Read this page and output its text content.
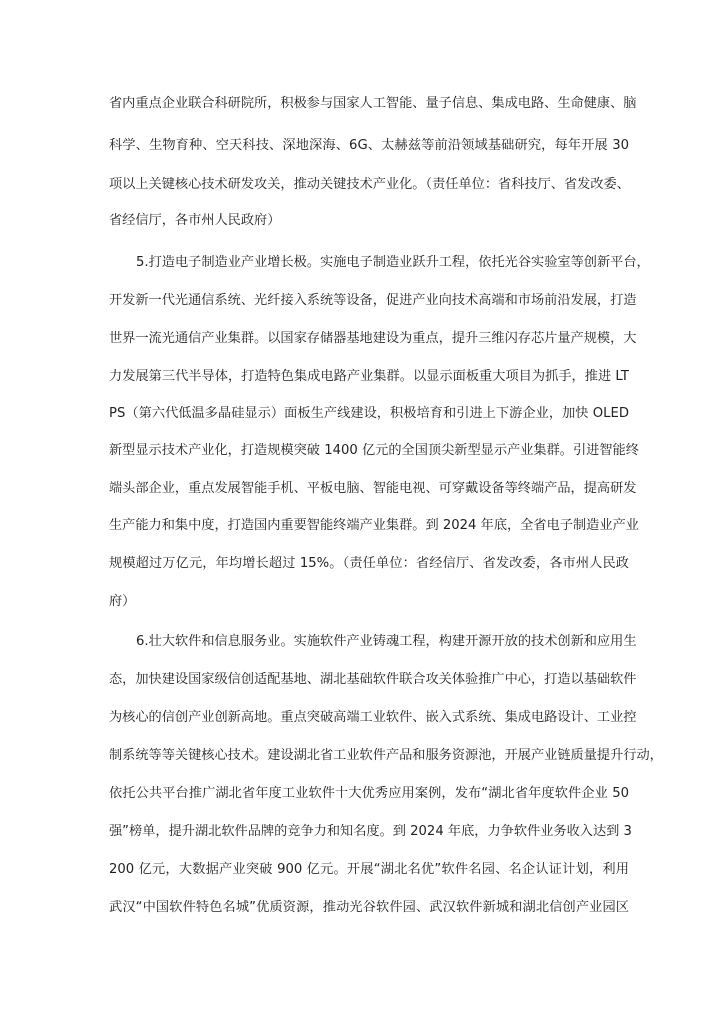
省内重点企业联合科研院所，积极参与国家人工智能、量子信息、集成电路、生命健康、脑
科学、生物育种、空天科技、深地深海、6G、太赫兹等前沿领域基础研究，每年开展 30
项以上关键核心技术研发攻关，推动关键技术产业化。（责任单位：省科技厅、省发改委、
省经信厅，各市州人民政府）
5.打造电子制造业产业增长极。实施电子制造业跃升工程，依托光谷实验室等创新平台，
开发新一代光通信系统、光纤接入系统等设备，促进产业向技术高端和市场前沿发展，打造
世界一流光通信产业集群。以国家存储器基地建设为重点，提升三维闪存芯片量产规模，大
力发展第三代半导体，打造特色集成电路产业集群。以显示面板重大项目为抓手，推进 LT
PS（第六代低温多晶硅显示）面板生产线建设，积极培育和引进上下游企业，加快 OLED
新型显示技术产业化，打造规模突破 1400 亿元的全国顶尖新型显示产业集群。引进智能终
端头部企业，重点发展智能手机、平板电脑、智能电视、可穿戴设备等终端产品，提高研发
生产能力和集中度，打造国内重要智能终端产业集群。到 2024 年底，全省电子制造业产业
规模超过万亿元，年均增长超过 15%。（责任单位：省经信厅、省发改委，各市州人民政
府）
6.壮大软件和信息服务业。实施软件产业铸魂工程，构建开源开放的技术创新和应用生
态，加快建设国家级信创适配基地、湖北基础软件联合攻关体验推广中心，打造以基础软件
为核心的信创产业创新高地。重点突破高端工业软件、嵌入式系统、集成电路设计、工业控
制系统等等关键核心技术。建设湖北省工业软件产品和服务资源池，开展产业链质量提升行动，
依托公共平台推广湖北省年度工业软件十大优秀应用案例，发布“湖北省年度软件企业 50
强”榜单，提升湖北软件品牌的竞争力和知名度。到 2024 年底，力争软件业务收入达到 3
200 亿元，大数据产业突破 900 亿元。开展“湖北名优”软件名园、名企认证计划，利用
武汉“中国软件特色名城”优质资源，推动光谷软件园、武汉软件新城和湖北信创产业园区
